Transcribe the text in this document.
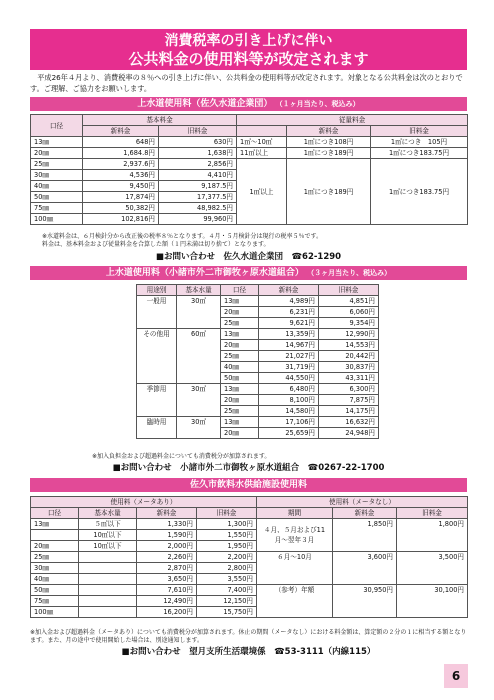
消費税率の引き上げに伴い
公共料金の使用料等が改定されます
平成26年４月より、消費税率の８％への引き上げに伴い、公共料金の使用料等が改定されます。対象となる公共料金は次のとおりです。ご理解、ご協力をお願いします。
上水道使用料（佐久水道企業団） （１ヶ月当たり、税込み）
口径	基本料金		従量料金		
	新料金	旧料金		新料金	旧料金
13㎜	648円	630円	1㎥〜10㎥	1㎥につき108円	1㎥につき　105円
20㎜	1,684.8円	1,638円	11㎥以上	1㎥につき189円	1㎥につき183.75円
25㎜	2,937.6円	2,856円	1㎥以上	1㎥につき189円	1㎥につき183.75円
30㎜	4,536円	4,410円			
40㎜	9,450円	9,187.5円			
50㎜	17,874円	17,377.5円			
75㎜	50,382円	48,982.5円			
100㎜	102,816円	99,960円			
※水道料金は、６月検針分から改正後の税率８％となります。４月・５月検針分は現行の税率５％です。
料金は、基本料金および従量料金を合算した額（１円未満は切り捨て）となります。
■お問い合わせ　佐久水道企業団　☎62-1290
上水道使用料（小諸市外二市御牧ヶ原水道組合） （３ヶ月当たり、税込み）
用途別	基本水量	口径	新料金	旧料金
一般用	30㎥	13㎜	4,989円	4,851円
		20㎜	6,231円	6,060円
		25㎜	9,621円	9,354円
その他用	60㎥	13㎜	13,359円	12,990円
		20㎜	14,967円	14,553円
		25㎜	21,027円	20,442円
		40㎜	31,719円	30,837円
		50㎜	44,550円	43,311円
季節用	30㎥	13㎜	6,480円	6,300円
		20㎜	8,100円	7,875円
		25㎜	14,580円	14,175円
臨時用	30㎥	13㎜	17,106円	16,632円
		20㎜	25,659円	24,948円
※加入負担金および超過料金についても消費税分が加算されます。
■お問い合わせ　小諸市外二市御牧ヶ原水道組合　☎0267-22-1700
佐久市飲料水供給施設使用料
使用料（メータあり）				使用料（メータなし）		
口径	基本水量	新料金	旧料金	期間	新料金	旧料金
13㎜	５㎥以下	1,330円	1,300円	４月、５月および11月〜翌年３月	1,850円	1,800円
	10㎥以下	1,590円	1,550円			
20㎜	10㎥以下	2,000円	1,950円			
25㎜		2,260円	2,200円	６月〜10月	3,600円	3,500円
30㎜		2,870円	2,800円			
40㎜		3,650円	3,550円			
50㎜		7,610円	7,400円	（参考）年額	30,950円	30,100円
75㎜		12,490円	12,150円			
100㎜		16,200円	15,750円			
※加入金および超過料金（メータあり）についても消費税分が加算されます。休止の期間（メータなし）における料金額は、算定額の２分の１に相当する額となります。また、月の途中で使用開始した場合は、別途通知します。
■お問い合わせ　望月支所生活環境係　☎53-3111（内線115）
6
